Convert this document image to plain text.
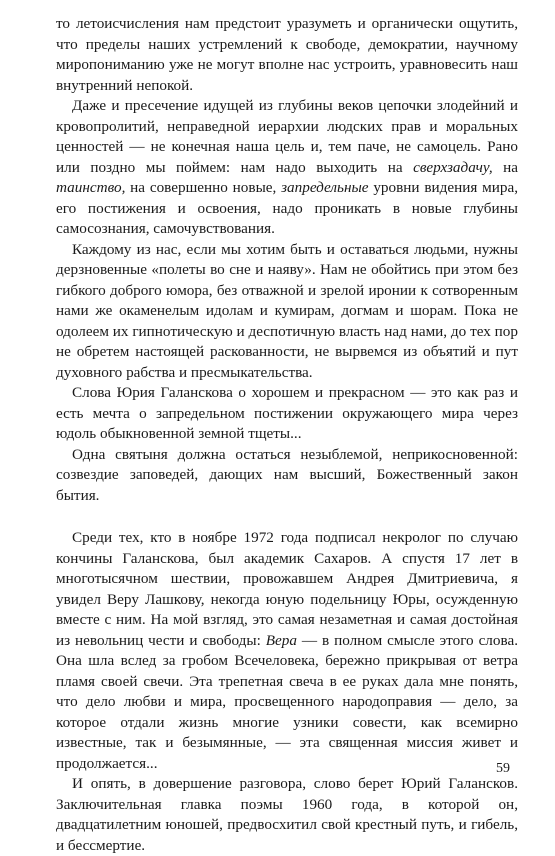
то летоисчисления нам предстоит уразуметь и органически ощутить, что пределы наших устремлений к свободе, демократии, научному миропониманию уже не могут вполне нас устроить, уравновесить наш внутренний непокой.

Даже и пресечение идущей из глубины веков цепочки злодейний и кровопролитий, неправедной иерархии людских прав и моральных ценностей — не конечная наша цель и, тем паче, не самоцель. Рано или поздно мы поймем: нам надо выходить на сверхзадачу, на таинство, на совершенно новые, запредельные уровни видения мира, его постижения и освоения, надо проникать в новые глубины самосознания, самочувствования.

Каждому из нас, если мы хотим быть и оставаться людьми, нужны дерзновенные «полеты во сне и наяву». Нам не обойтись при этом без гибкого доброго юмора, без отважной и зрелой иронии к сотворенным нами же окаменелым идолам и кумирам, догмам и шорам. Пока не одолеем их гипнотическую и деспотичную власть над нами, до тех пор не обретем настоящей раскованности, не вырвемся из объятий и пут духовного рабства и пресмыкательства.

Слова Юрия Галанскова о хорошем и прекрасном — это как раз и есть мечта о запредельном постижении окружающего мира через юдоль обыкновенной земной тщеты...

Одна святыня должна остаться незыблемой, неприкосновенной: созвездие заповедей, дающих нам высший, Божественный закон бытия.

Среди тех, кто в ноябре 1972 года подписал некролог по случаю кончины Галанскова, был академик Сахаров. А спустя 17 лет в многотысячном шествии, провожавшем Андрея Дмитриевича, я увидел Веру Лашкову, некогда юную подельницу Юры, осужденную вместе с ним. На мой взгляд, это самая незаметная и самая достойная из невольниц чести и свободы: Вера — в полном смысле этого слова. Она шла вслед за гробом Всечеловека, бережно прикрывая от ветра пламя своей свечи. Эта трепетная свеча в ее руках дала мне понять, что дело любви и мира, просвещенного народоправия — дело, за которое отдали жизнь многие узники совести, как всемирно известные, так и безымянные, — эта священная миссия живет и продолжается...

И опять, в довершение разговора, слово берет Юрий Галансков. Заключительная главка поэмы 1960 года, в которой он, двадцатилетним юношей, предвосхитил свой крестный путь, и гибель, и бессмертие.

59
